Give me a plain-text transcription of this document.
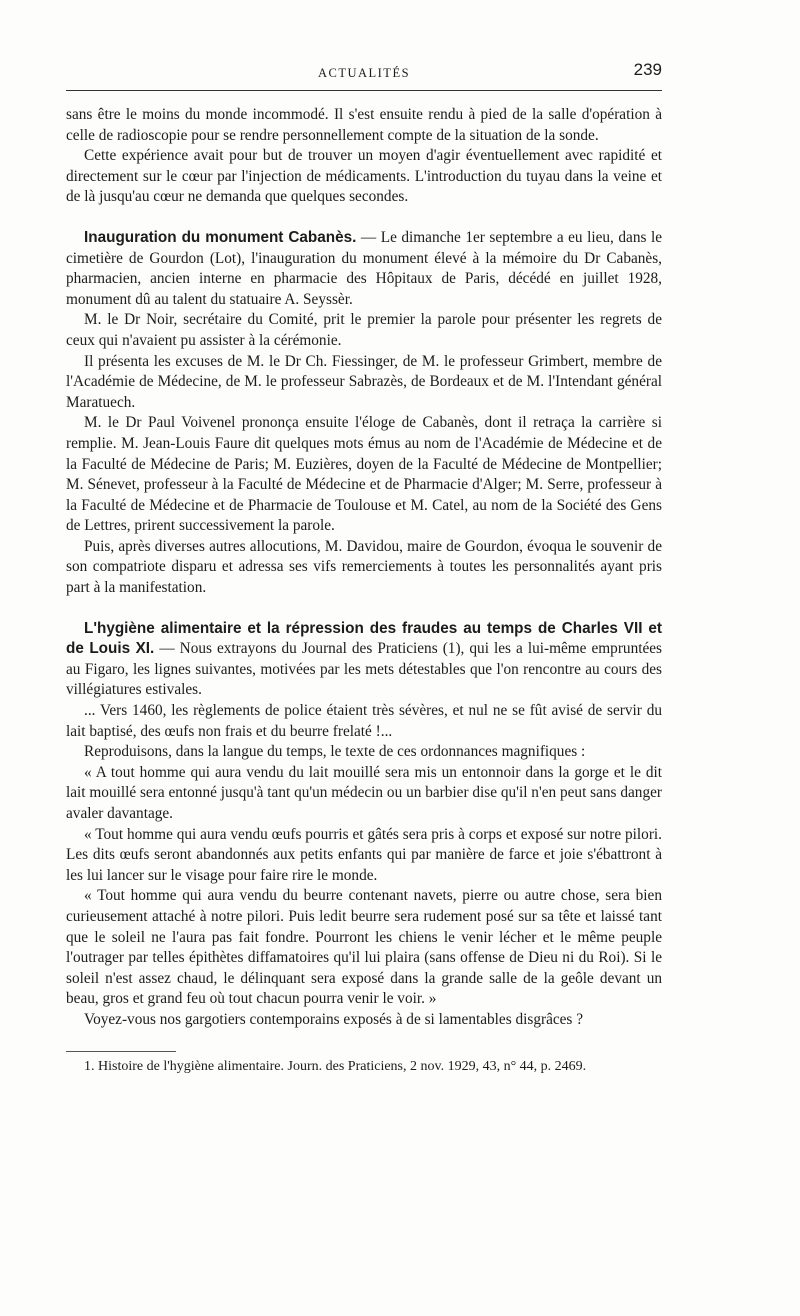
ACTUALITÉS	239

sans être le moins du monde incommodé. Il s'est ensuite rendu à pied de la salle d'opération à celle de radioscopie pour se rendre personnellement compte de la situation de la sonde.

Cette expérience avait pour but de trouver un moyen d'agir éventuellement avec rapidité et directement sur le cœur par l'injection de médicaments. L'introduction du tuyau dans la veine et de là jusqu'au cœur ne demanda que quelques secondes.

Inauguration du monument Cabanès. — Le dimanche 1er septembre a eu lieu, dans le cimetière de Gourdon (Lot), l'inauguration du monument élevé à la mémoire du Dr Cabanès, pharmacien, ancien interne en pharmacie des Hôpitaux de Paris, décédé en juillet 1928, monument dû au talent du statuaire A. Seyssèr.

M. le Dr Noir, secrétaire du Comité, prit le premier la parole pour présenter les regrets de ceux qui n'avaient pu assister à la cérémonie.

Il présenta les excuses de M. le Dr Ch. Fiessinger, de M. le professeur Grimbert, membre de l'Académie de Médecine, de M. le professeur Sabrazès, de Bordeaux et de M. l'Intendant général Maratuech.

M. le Dr Paul Voivenel prononça ensuite l'éloge de Cabanès, dont il retraça la carrière si remplie. M. Jean-Louis Faure dit quelques mots émus au nom de l'Académie de Médecine et de la Faculté de Médecine de Paris; M. Euzières, doyen de la Faculté de Médecine de Montpellier; M. Sénevet, professeur à la Faculté de Médecine et de Pharmacie d'Alger; M. Serre, professeur à la Faculté de Médecine et de Pharmacie de Toulouse et M. Catel, au nom de la Société des Gens de Lettres, prirent successivement la parole.

Puis, après diverses autres allocutions, M. Davidou, maire de Gourdon, évoqua le souvenir de son compatriote disparu et adressa ses vifs remerciements à toutes les personnalités ayant pris part à la manifestation.

L'hygiène alimentaire et la répression des fraudes au temps de Charles VII et de Louis XI. — Nous extrayons du Journal des Praticiens (1), qui les a lui-même empruntées au Figaro, les lignes suivantes, motivées par les mets détestables que l'on rencontre au cours des villégiatures estivales.

... Vers 1460, les règlements de police étaient très sévères, et nul ne se fût avisé de servir du lait baptisé, des œufs non frais et du beurre frelaté !...

Reproduisons, dans la langue du temps, le texte de ces ordonnances magnifiques :

« A tout homme qui aura vendu du lait mouillé sera mis un entonnoir dans la gorge et le dit lait mouillé sera entonné jusqu'à tant qu'un médecin ou un barbier dise qu'il n'en peut sans danger avaler davantage.

« Tout homme qui aura vendu œufs pourris et gâtés sera pris à corps et exposé sur notre pilori. Les dits œufs seront abandonnés aux petits enfants qui par manière de farce et joie s'ébattront à les lui lancer sur le visage pour faire rire le monde.

« Tout homme qui aura vendu du beurre contenant navets, pierre ou autre chose, sera bien curieusement attaché à notre pilori. Puis ledit beurre sera rudement posé sur sa tête et laissé tant que le soleil ne l'aura pas fait fondre. Pourront les chiens le venir lécher et le même peuple l'outrager par telles épithètes diffamatoires qu'il lui plaira (sans offense de Dieu ni du Roi). Si le soleil n'est assez chaud, le délinquant sera exposé dans la grande salle de la geôle devant un beau, gros et grand feu où tout chacun pourra venir le voir. »

Voyez-vous nos gargotiers contemporains exposés à de si lamentables disgrâces ?

1. Histoire de l'hygiène alimentaire. Journ. des Praticiens, 2 nov. 1929, 43, n° 44, p. 2469.
